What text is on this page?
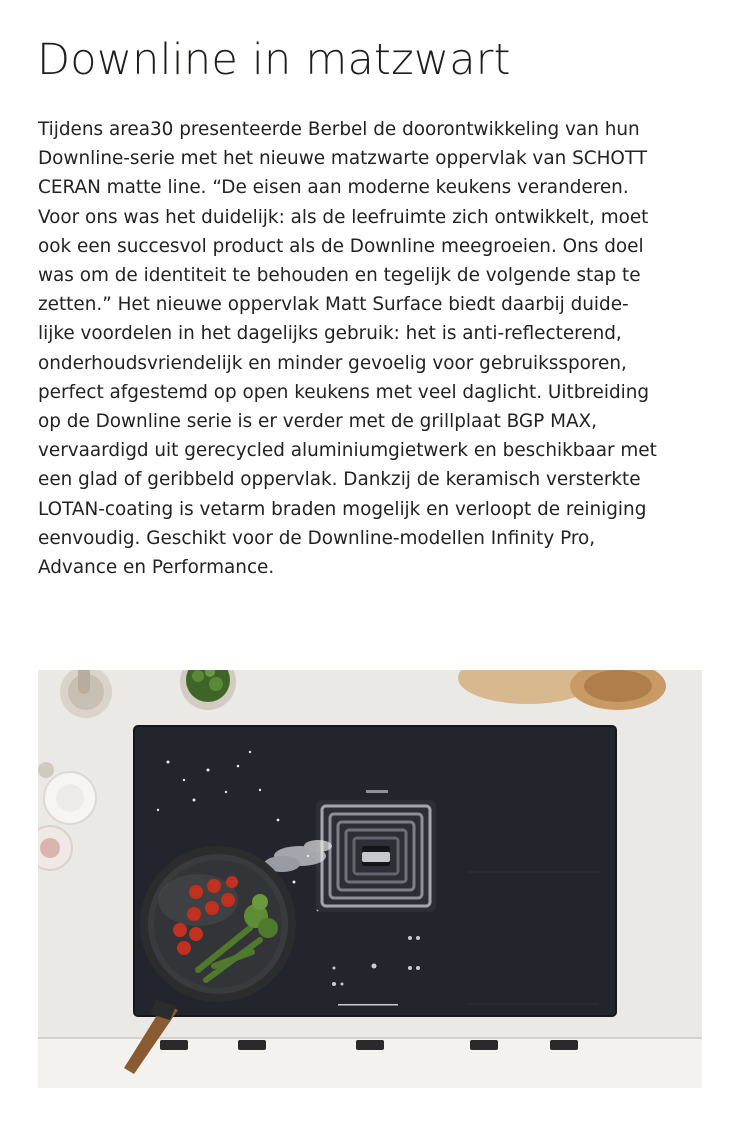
Downline in matzwart
Tijdens area30 presenteerde Berbel de doorontwikkeling van hun
Downline-serie met het nieuwe matzwarte oppervlak van SCHOTT
CERAN matte line. “De eisen aan moderne keukens veranderen.
Voor ons was het duidelijk: als de leefruimte zich ontwikkelt, moet
ook een succesvol product als de Downline meegroeien. Ons doel
was om de identiteit te behouden en tegelijk de volgende stap te
zetten.” Het nieuwe oppervlak Matt Surface biedt daarbij duide-
lijke voordelen in het dagelijks gebruik: het is anti-reflecterend,
onderhoudsvriendelijk en minder gevoelig voor gebruikssporen,
perfect afgestemd op open keukens met veel daglicht. Uitbreiding
op de Downline serie is er verder met de grillplaat BGP MAX,
vervaardigd uit gerecycled aluminiumgietwerk en beschikbaar met
een glad of geribbeld oppervlak. Dankzij de keramisch versterkte
LOTAN-coating is vetarm braden mogelijk en verloopt de reiniging
eenvoudig. Geschikt voor de Downline-modellen Infinity Pro,
Advance en Performance.
